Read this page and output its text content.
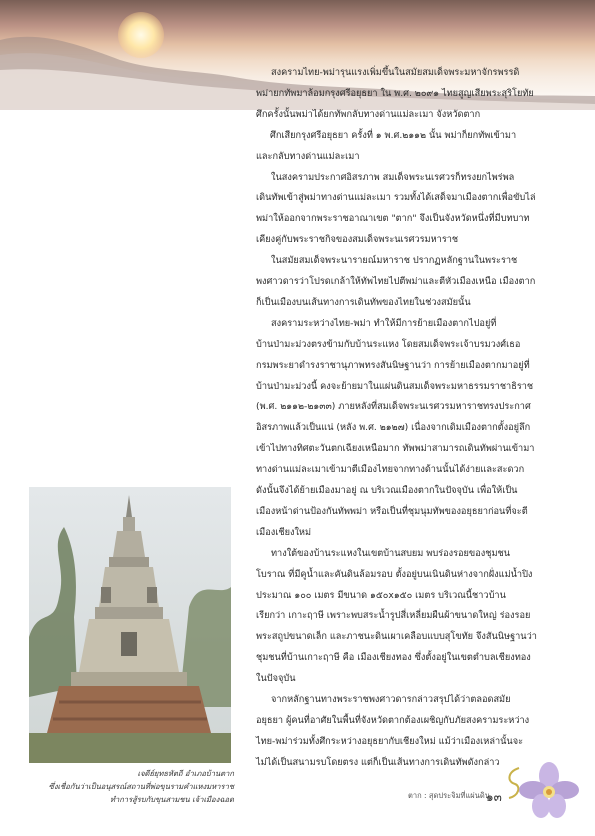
สงครามไทย-พม่ารุนแรงเพิ่มขึ้นในสมัยสมเด็จพระมหาจักรพรรดิ
พม่ายกทัพมาล้อมกรุงศรีอยุธยา ใน พ.ศ. ๒๐๙๑ ไทยสูญเสียพระสุริโยทัย
ศึกครั้งนั้นพม่าได้ยกทัพกลับทางด่านแม่ละเมา จังหวัดตาก
ศึกเสียกรุงศรีอยุธยา ครั้งที่ ๑ พ.ศ.๒๑๑๒ นั้น พม่าก็ยกทัพเข้ามา
และกลับทางด่านแม่ละเมา
ในสงครามประกาศอิสรภาพ สมเด็จพระนเรศวรก็ทรงยกไพร่พล
เดินทัพเข้าสู่พม่าทางด่านแม่ละเมา รวมทั้งได้เสด็จมาเมืองตากเพื่อขับไล่
พม่าให้ออกจากพระราชอาณาเขต "ตาก" จึงเป็นจังหวัดหนึ่งที่มีบทบาท
เคียงคู่กับพระราชกิจของสมเด็จพระนเรศวรมหาราช
ในสมัยสมเด็จพระนารายณ์มหาราช ปรากฏหลักฐานในพระราช
พงศาวดารว่าโปรดเกล้าให้ทัพไทยไปตีพม่าและตีหัวเมืองเหนือ เมืองตาก
ก็เป็นเมืองบนเส้นทางการเดินทัพของไทยในช่วงสมัยนั้น
สงครามระหว่างไทย-พม่า ทำให้มีการย้ายเมืองตากไปอยู่ที่
บ้านป่ามะม่วงตรงข้ามกับบ้านระแหง โดยสมเด็จพระเจ้าบรมวงศ์เธอ
กรมพระยาดำรงราชานุภาพทรงสันนิษฐานว่า การย้ายเมืองตากมาอยู่ที่
บ้านป่ามะม่วงนี้ คงจะย้ายมาในแผ่นดินสมเด็จพระมหาธรรมราชาธิราช
(พ.ศ. ๒๑๑๒-๒๑๓๓) ภายหลังที่สมเด็จพระนเรศวรมหาราชทรงประกาศ
อิสรภาพแล้วเป็นแน่ (หลัง พ.ศ. ๒๑๒๗) เนื่องจากเดิมเมืองตากตั้งอยู่ลึก
เข้าไปทางทิศตะวันตกเฉียงเหนือมาก ทัพพม่าสามารถเดินทัพผ่านเข้ามา
ทางด่านแม่ละเมาเข้ามาตีเมืองไทยจากทางด้านนั้นได้ง่ายและสะดวก
ดังนั้นจึงได้ย้ายเมืองมาอยู่ ณ บริเวณเมืองตากในปัจจุบัน เพื่อให้เป็น
เมืองหน้าด่านป้องกันทัพพม่า หรือเป็นที่ชุมนุมทัพของอยุธยาก่อนที่จะตี
เมืองเชียงใหม่
ทางใต้ของบ้านระแหงในเขตบ้านสบยม พบร่องรอยของชุมชน
โบราณ ที่มีคูน้ำและคันดินล้อมรอบ ตั้งอยู่บนเนินดินห่างจากฝั่งแม่น้ำปิง
ประมาณ ๑๐๐ เมตร มีขนาด ๑๕๐x๑๕๐ เมตร บริเวณนี้ชาวบ้าน
เรียกว่า เกาะฤาษี เพราะพบสระน้ำรูปสี่เหลี่ยมผืนผ้าขนาดใหญ่ ร่องรอย
พระสถูปขนาดเล็ก และภาชนะดินเผาเคลือบแบบสุโขทัย จึงสันนิษฐานว่า
ชุมชนที่บ้านเกาะฤาษี คือ เมืองเชียงทอง ซึ่งตั้งอยู่ในเขตตำบลเชียงทอง
ในปัจจุบัน
จากหลักฐานทางพระราชพงศาวดารกล่าวสรุปได้ว่าตลอดสมัย
อยุธยา ผู้คนที่อาศัยในพื้นที่จังหวัดตากต้องเผชิญกับภัยสงครามระหว่าง
ไทย-พม่าร่วมทั้งศึกระหว่างอยุธยากับเชียงใหม่ แม้ว่าเมืองเหล่านั้นจะ
ไม่ได้เป็นสนามรบโดยตรง แต่ก็เป็นเส้นทางการเดินทัพดังกล่าว
เจดีย์ยุทธหัตถี อำเภอบ้านตาก
ซึ่งเชื่อกันว่าเป็นอนุสรณ์สถานที่พ่อขุนรามคำแหงมหาราช
ทำการสู้รบกับขุนสามชน เจ้าเมืองฉอด	ตาก : สุดประจิมที่แผ่นดิน
๑๓
